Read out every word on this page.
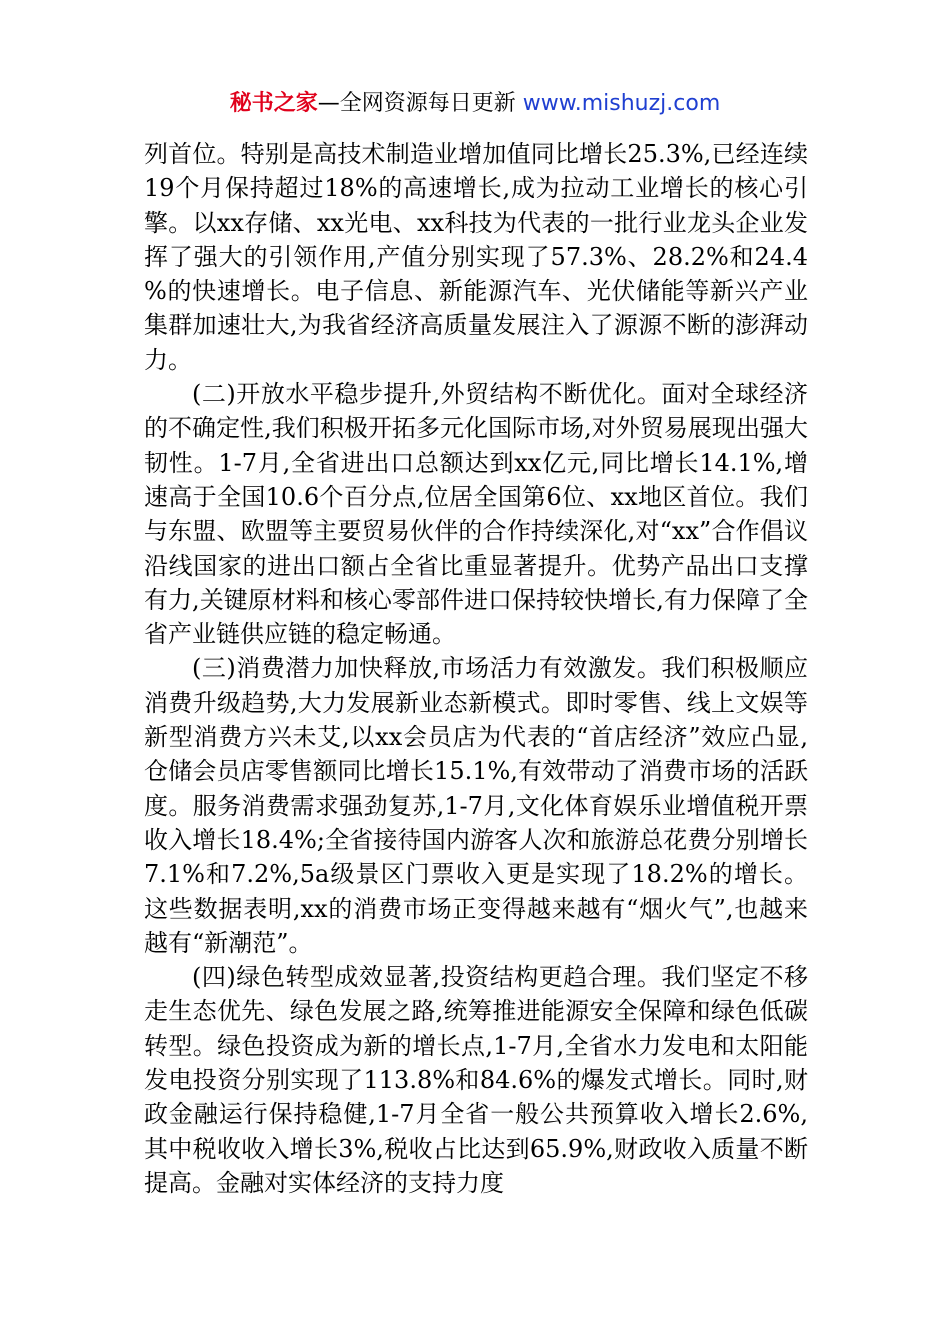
秘书之家—全网资源每日更新 www.mishuzj.com

列首位。特别是高技术制造业增加值同比增长25.3%,已经连续19个月保持超过18%的高速增长,成为拉动工业增长的核心引擎。以xx存储、xx光电、xx科技为代表的一批行业龙头企业发挥了强大的引领作用,产值分别实现了57.3%、28.2%和24.4%的快速增长。电子信息、新能源汽车、光伏储能等新兴产业集群加速壮大,为我省经济高质量发展注入了源源不断的澎湃动力。

(二)开放水平稳步提升,外贸结构不断优化。面对全球经济的不确定性,我们积极开拓多元化国际市场,对外贸易展现出强大韧性。1-7月,全省进出口总额达到xx亿元,同比增长14.1%,增速高于全国10.6个百分点,位居全国第6位、xx地区首位。我们与东盟、欧盟等主要贸易伙伴的合作持续深化,对“xx”合作倡议沿线国家的进出口额占全省比重显著提升。优势产品出口支撑有力,关键原材料和核心零部件进口保持较快增长,有力保障了全省产业链供应链的稳定畅通。

(三)消费潜力加快释放,市场活力有效激发。我们积极顺应消费升级趋势,大力发展新业态新模式。即时零售、线上文娱等新型消费方兴未艾,以xx会员店为代表的“首店经济”效应凸显,仓储会员店零售额同比增长15.1%,有效带动了消费市场的活跃度。服务消费需求强劲复苏,1-7月,文化体育娱乐业增值税开票收入增长18.4%;全省接待国内游客人次和旅游总花费分别增长7.1%和7.2%,5a级景区门票收入更是实现了18.2%的增长。这些数据表明,xx的消费市场正变得越来越有“烟火气”,也越来越有“新潮范”。

(四)绿色转型成效显著,投资结构更趋合理。我们坚定不移走生态优先、绿色发展之路,统筹推进能源安全保障和绿色低碳转型。绿色投资成为新的增长点,1-7月,全省水力发电和太阳能发电投资分别实现了113.8%和84.6%的爆发式增长。同时,财政金融运行保持稳健,1-7月全省一般公共预算收入增长2.6%,其中税收收入增长3%,税收占比达到65.9%,财政收入质量不断提高。金融对实体经济的支持力度
